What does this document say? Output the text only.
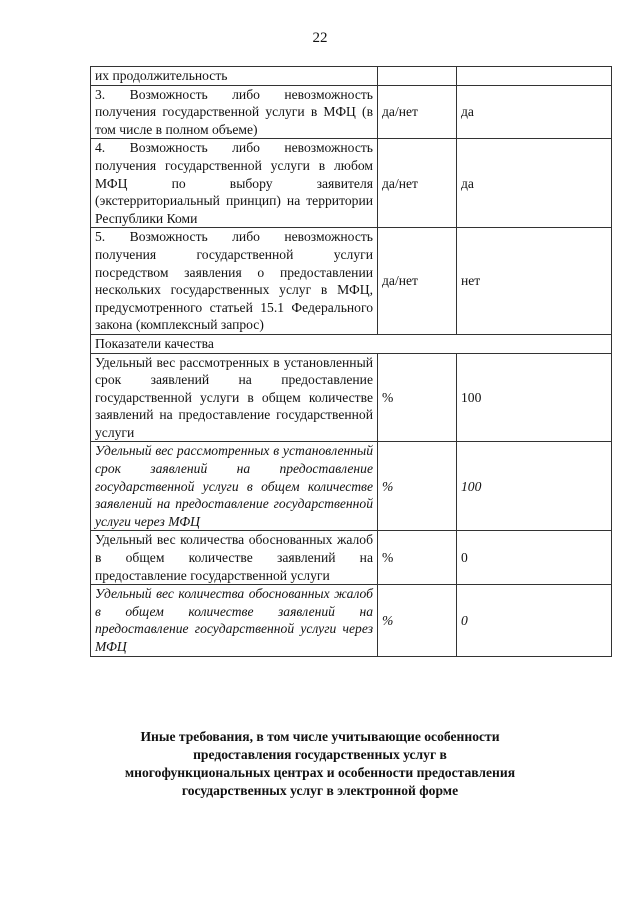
22
их продолжительность		
3. Возможность либо невозможность получения государственной услуги в МФЦ (в том числе в полном объеме)	да/нет	да
4. Возможность либо невозможность получения государственной услуги в любом МФЦ по выбору заявителя (экстерриториальный принцип) на территории Республики Коми	да/нет	да
5. Возможность либо невозможность получения государственной услуги посредством заявления о предоставлении нескольких государственных услуг в МФЦ, предусмотренного статьей 15.1 Федерального закона (комплексный запрос)	да/нет	нет
Показатели качества		
Удельный вес рассмотренных в установленный срок заявлений на предоставление государственной услуги в общем количестве заявлений на предоставление государственной услуги	%	100
Удельный вес рассмотренных в установленный срок заявлений на предоставление государственной услуги в общем количестве заявлений на предоставление государственной услуги через МФЦ	%	100
Удельный вес количества обоснованных жалоб в общем количестве заявлений на предоставление государственной услуги	%	0
Удельный вес количества обоснованных жалоб в общем количестве заявлений на предоставление государственной услуги через МФЦ	%	0
Иные требования, в том числе учитывающие особенности предоставления государственных услуг в многофункциональных центрах и особенности предоставления государственных услуг в электронной форме
